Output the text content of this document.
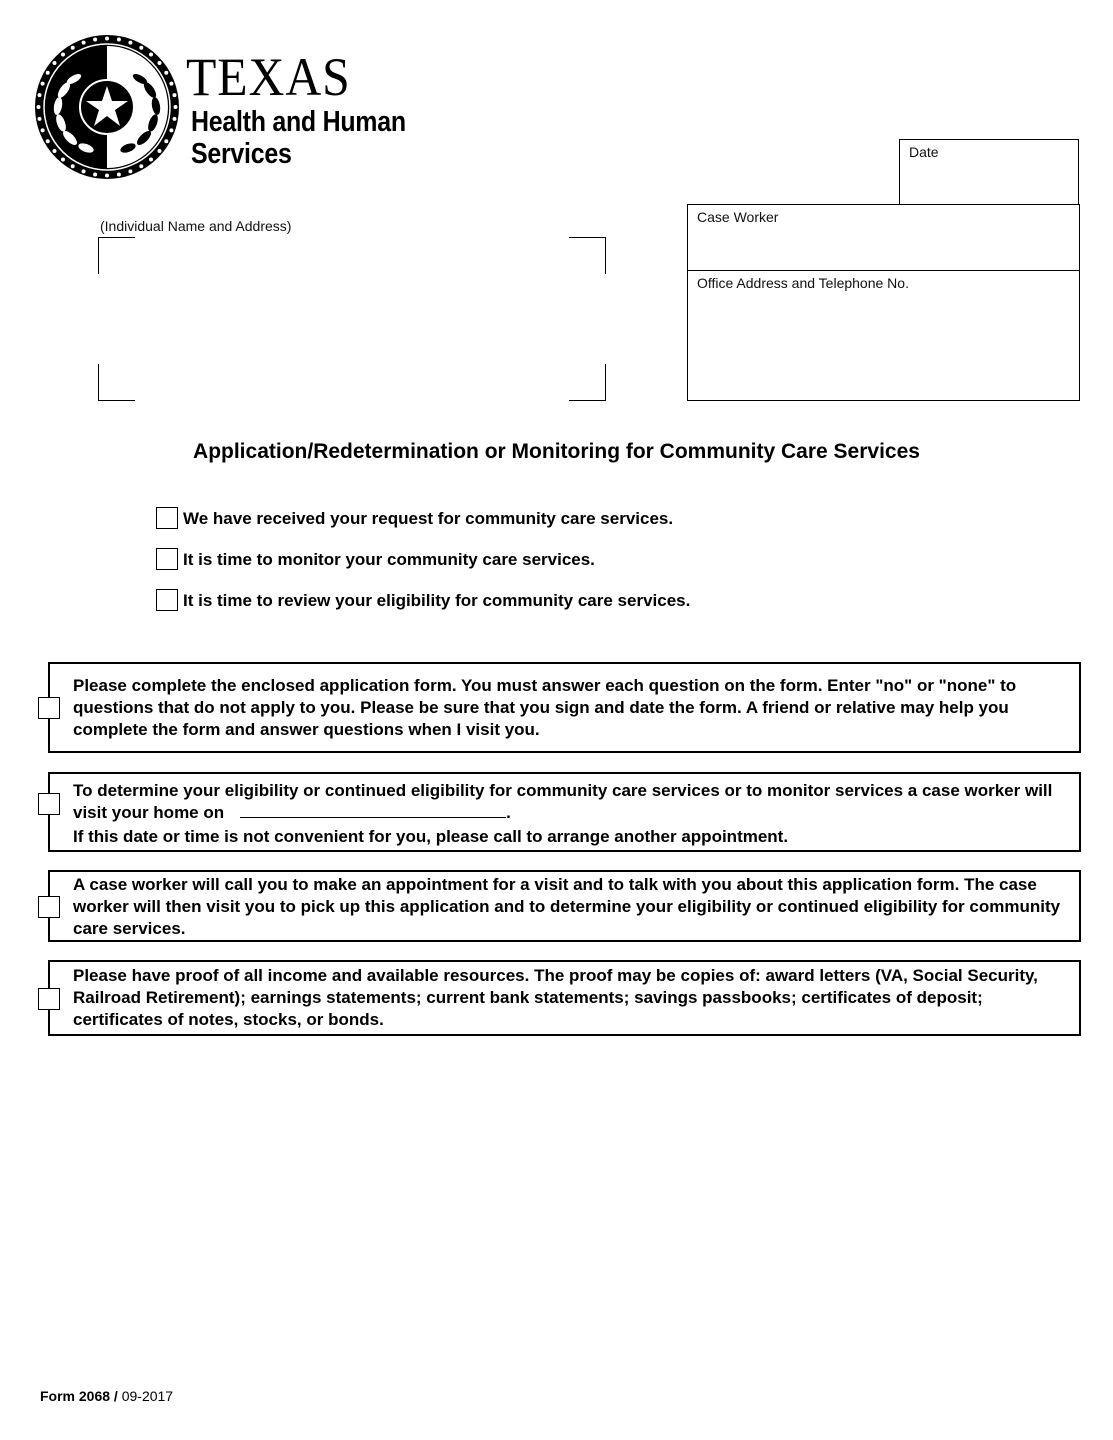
TEXAS
Health and Human
Services	Date
Case Worker
Office Address and Telephone No.
(Individual Name and Address)
Application/Redetermination or Monitoring for Community Care Services
We have received your request for community care services.
It is time to monitor your community care services.
It is time to review your eligibility for community care services.
Please complete the enclosed application form. You must answer each question on the form. Enter "no" or "none" to questions that do not apply to you. Please be sure that you sign and date the form. A friend or relative may help you complete the form and answer questions when I visit you.
To determine your eligibility or continued eligibility for community care services or to monitor services a case worker will visit your home on	.
If this date or time is not convenient for you, please call to arrange another appointment.
A case worker will call you to make an appointment for a visit and to talk with you about this application form. The case worker will then visit you to pick up this application and to determine your eligibility or continued eligibility for community care services.
Please have proof of all income and available resources. The proof may be copies of: award letters (VA, Social Security, Railroad Retirement); earnings statements; current bank statements; savings passbooks; certificates of deposit; certificates of notes, stocks, or bonds.
Form 2068 / 09-2017
